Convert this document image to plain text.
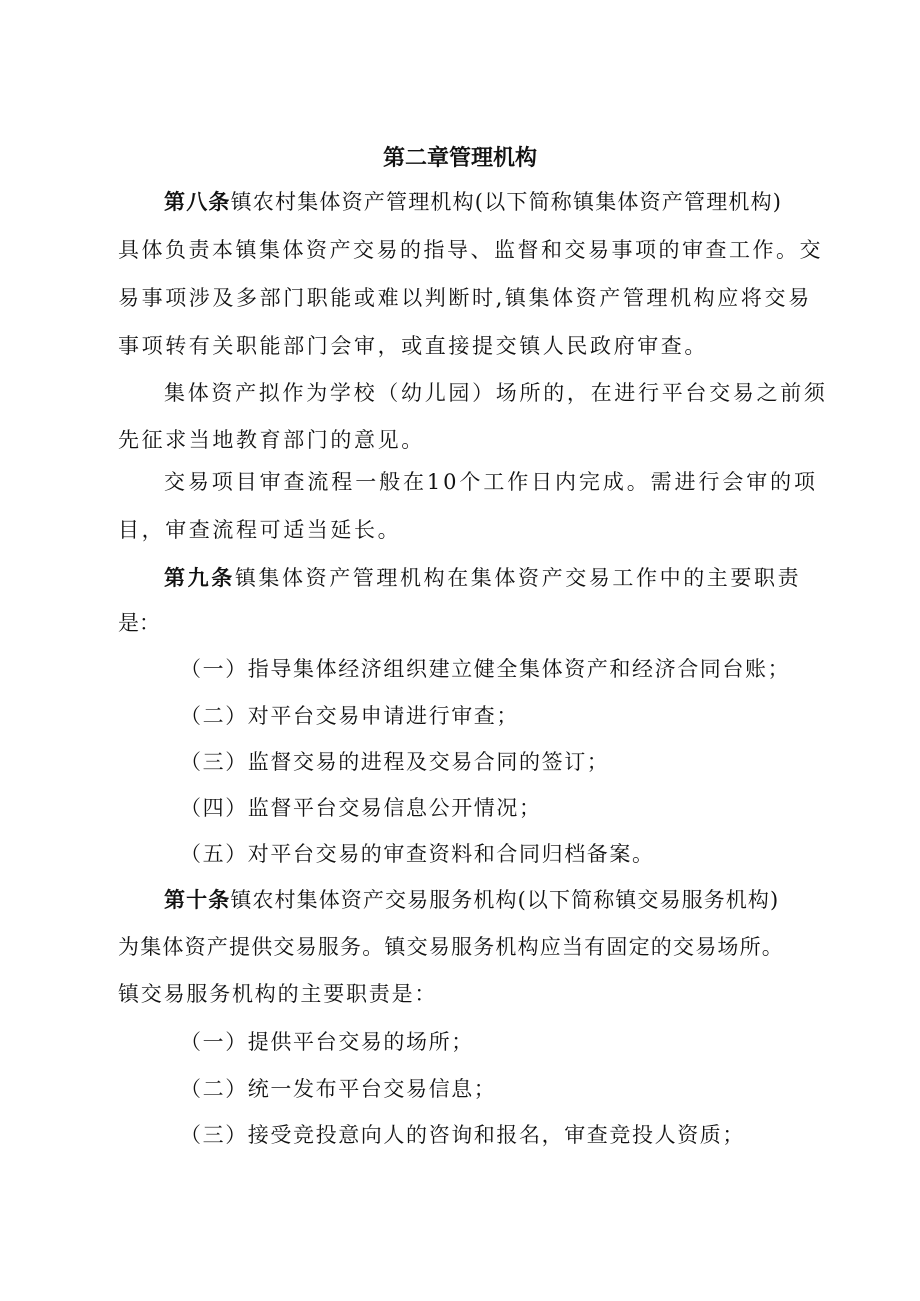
第二章管理机构
第八条镇农村集体资产管理机构(以下简称镇集体资产管理机构)
具体负责本镇集体资产交易的指导、监督和交易事项的审查工作。交
易事项涉及多部门职能或难以判断时,镇集体资产管理机构应将交易
事项转有关职能部门会审，或直接提交镇人民政府审查。
集体资产拟作为学校（幼儿园）场所的，在进行平台交易之前须
先征求当地教育部门的意见。
交易项目审查流程一般在10个工作日内完成。需进行会审的项
目，审查流程可适当延长。
第九条镇集体资产管理机构在集体资产交易工作中的主要职责
是：
（一）指导集体经济组织建立健全集体资产和经济合同台账；
（二）对平台交易申请进行审查；
（三）监督交易的进程及交易合同的签订；
（四）监督平台交易信息公开情况；
（五）对平台交易的审查资料和合同归档备案。
第十条镇农村集体资产交易服务机构(以下简称镇交易服务机构)
为集体资产提供交易服务。镇交易服务机构应当有固定的交易场所。
镇交易服务机构的主要职责是：
（一）提供平台交易的场所；
（二）统一发布平台交易信息；
（三）接受竞投意向人的咨询和报名，审查竞投人资质；
